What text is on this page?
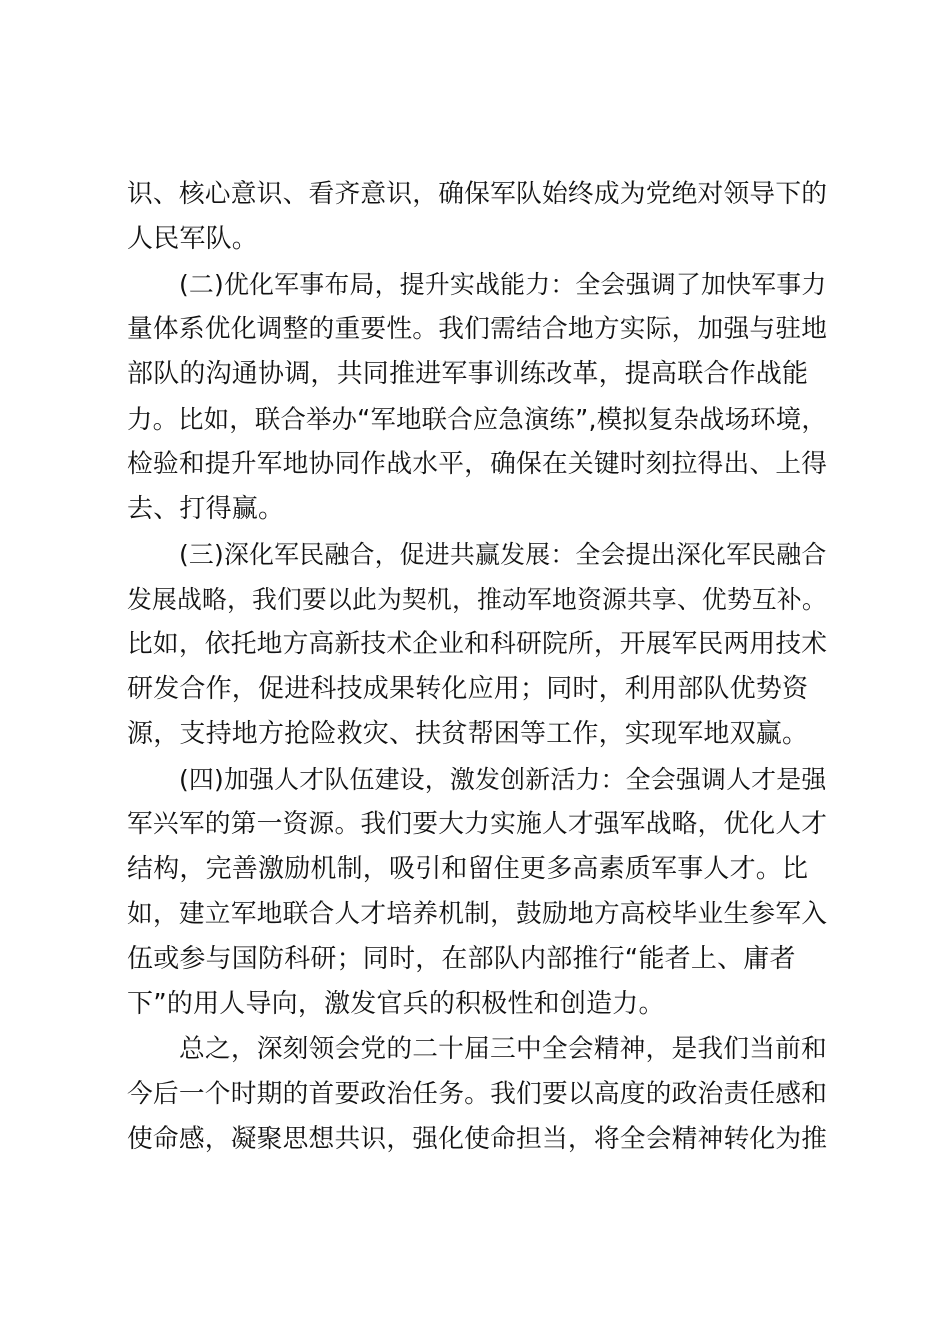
识、核心意识、看齐意识，确保军队始终成为党绝对领导下的
人民军队。
(二)优化军事布局，提升实战能力：全会强调了加快军事力
量体系优化调整的重要性。我们需结合地方实际，加强与驻地
部队的沟通协调，共同推进军事训练改革，提高联合作战能
力。比如，联合举办“军地联合应急演练”,模拟复杂战场环境，
检验和提升军地协同作战水平，确保在关键时刻拉得出、上得
去、打得赢。
(三)深化军民融合，促进共赢发展：全会提出深化军民融合
发展战略，我们要以此为契机，推动军地资源共享、优势互补。
比如，依托地方高新技术企业和科研院所，开展军民两用技术
研发合作，促进科技成果转化应用；同时，利用部队优势资
源，支持地方抢险救灾、扶贫帮困等工作，实现军地双赢。
(四)加强人才队伍建设，激发创新活力：全会强调人才是强
军兴军的第一资源。我们要大力实施人才强军战略，优化人才
结构，完善激励机制，吸引和留住更多高素质军事人才。比
如，建立军地联合人才培养机制，鼓励地方高校毕业生参军入
伍或参与国防科研；同时，在部队内部推行“能者上、庸者
下”的用人导向，激发官兵的积极性和创造力。
总之，深刻领会党的二十届三中全会精神，是我们当前和
今后一个时期的首要政治任务。我们要以高度的政治责任感和
使命感，凝聚思想共识，强化使命担当，将全会精神转化为推
